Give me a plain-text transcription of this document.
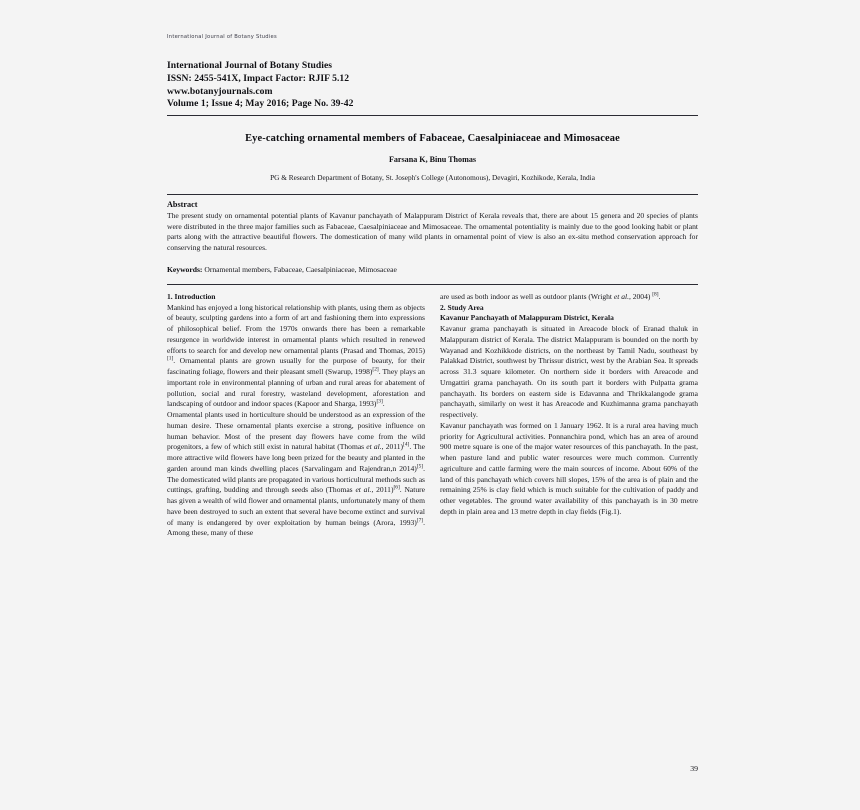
International Journal of Botany Studies
International Journal of Botany Studies
ISSN: 2455-541X, Impact Factor: RJIF 5.12
www.botanyjournals.com
Volume 1; Issue 4; May 2016; Page No. 39-42
Eye-catching ornamental members of Fabaceae, Caesalpiniaceae and Mimosaceae
Farsana K, Binu Thomas
PG & Research Department of Botany, St. Joseph's College (Autonomous), Devagiri, Kozhikode, Kerala, India
Abstract
The present study on ornamental potential plants of Kavanur panchayath of Malappuram District of Kerala reveals that, there are about 15 genera and 20 species of plants were distributed in the three major families such as Fabaceae, Caesalpiniaceae and Mimosaceae. The ornamental potentiality is mainly due to the good looking habit or plant parts along with the attractive beautiful flowers. The domestication of many wild plants in ornamental point of view is also an ex-situ method conservation approach for conserving the natural resources.
Keywords: Ornamental members, Fabaceae, Caesalpiniaceae, Mimosaceae

1. Introduction

Mankind has enjoyed a long historical relationship with plants, using them as objects of beauty, sculpting gardens into a form of art and fashioning them into expressions of philosophical belief. From the 1970s onwards there has been a remarkable resurgence in worldwide interest in ornamental plants which resulted in renewed efforts to search for and develop new ornamental plants (Prasad and Thomas, 2015)[1]. Ornamental plants are grown usually for the purpose of beauty, for their fascinating foliage, flowers and their pleasant smell (Swarup, 1998)[2]. They plays an important role in environmental planning of urban and rural areas for abatement of pollution, social and rural forestry, wasteland development, aforestation and landscaping of outdoor and indoor spaces (Kapoor and Sharga, 1993)[3].

Ornamental plants used in horticulture should be understood as an expression of the human desire. These ornamental plants exercise a strong, positive influence on human behavior. Most of the present day flowers have come from the wild progenitors, a few of which still exist in natural habitat (Thomas et al., 2011)[4]. The more attractive wild flowers have long been prized for the beauty and planted in the garden around man kinds dwelling places (Sarvalingam and Rajendran,n 2014)[5]. The domesticated wild plants are propagated in various horticultural methods such as cuttings, grafting, budding and through seeds also (Thomas et al., 2011)[6]. Nature has given a wealth of wild flower and ornamental plants, unfortunately many of them have been destroyed to such an extent that several have become extinct and survival of many is endangered by over exploitation by human beings (Arora, 1993)[7]. Among these, many of these

are used as both indoor as well as outdoor plants (Wright et al., 2004) [8].

2. Study Area

Kavanur Panchayath of Malappuram District, Kerala

Kavanur grama panchayath is situated in Areacode block of Eranad thaluk in Malappuram district of Kerala. The district Malappuram is bounded on the north by Wayanad and Kozhikkode districts, on the northeast by Tamil Nadu, southeast by Palakkad District, southwest by Thrissur district, west by the Arabian Sea. It spreads across 31.3 square kilometer. On northern side it borders with Areacode and Urngattiri grama panchayath. On its south part it borders with Pulpatta grama panchayath. Its borders on eastern side is Edavanna and Thrikkalangode grama panchayath, similarly on west it has Areacode and Kuzhimanna grama panchayath respectively.

Kavanur panchayath was formed on 1 January 1962. It is a rural area having much priority for Agricultural activities. Ponnanchira pond, which has an area of around 900 metre square is one of the major water resources of this panchayath. In the past, when pasture land and public water resources were much common. Currently agriculture and cattle farming were the main sources of income. About 60% of the land of this panchayath which covers hill slopes, 15% of the area is of plain and the remaining 25% is clay field which is much suitable for the cultivation of paddy and other vegetables. The ground water availability of this panchayath is in 30 metre depth in plain area and 13 metre depth in clay fields (Fig.1).

39
